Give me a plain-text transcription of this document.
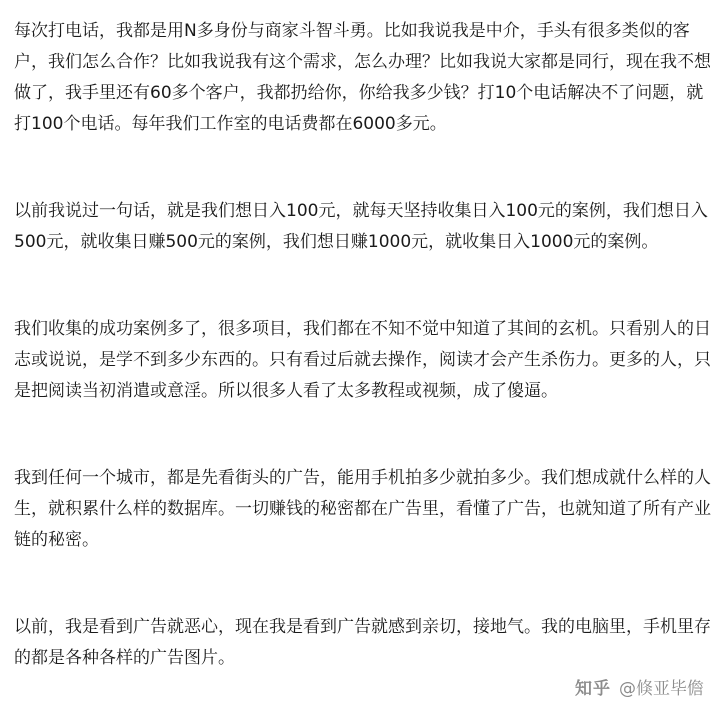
每次打电话，我都是用N多身份与商家斗智斗勇。比如我说我是中介，手头有很多类似的客户，我们怎么合作？比如我说我有这个需求，怎么办理？比如我说大家都是同行，现在我不想做了，我手里还有60多个客户，我都扔给你，你给我多少钱？打10个电话解决不了问题，就打100个电话。每年我们工作室的电话费都在6000多元。

以前我说过一句话，就是我们想日入100元，就每天坚持收集日入100元的案例，我们想日入500元，就收集日赚500元的案例，我们想日赚1000元，就收集日入1000元的案例。

我们收集的成功案例多了，很多项目，我们都在不知不觉中知道了其间的玄机。只看别人的日志或说说，是学不到多少东西的。只有看过后就去操作，阅读才会产生杀伤力。更多的人，只是把阅读当初消遣或意淫。所以很多人看了太多教程或视频，成了傻逼。

我到任何一个城市，都是先看街头的广告，能用手机拍多少就拍多少。我们想成就什么样的人生，就积累什么样的数据库。一切赚钱的秘密都在广告里，看懂了广告，也就知道了所有产业链的秘密。

以前，我是看到广告就恶心，现在我是看到广告就感到亲切，接地气。我的电脑里，手机里存的都是各种各样的广告图片。

知乎 @倏亚毕儋
